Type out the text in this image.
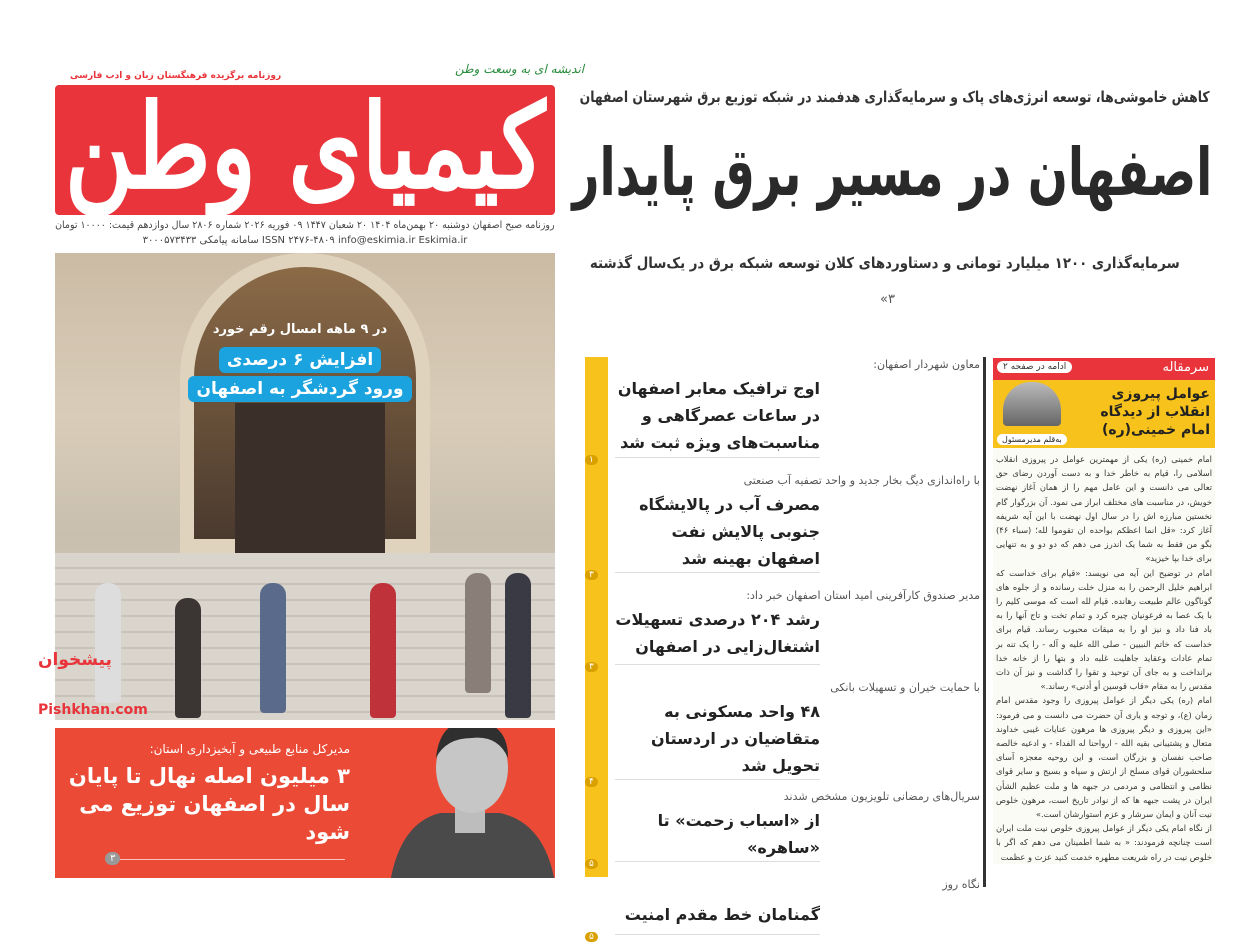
اندیشه ای به وسعت وطن
روزنامه برگزیده فرهنگستان زبان و ادب فارسی
کیمیای وطن
روزنامه صبح اصفهان دوشنبه ۲۰ بهمن‌ماه ۱۴۰۴ ۲۰ شعبان ۱۴۴۷ ۰۹ فوریه ۲۰۲۶ شماره ۲۸۰۶ سال دوازدهم قیمت: ۱۰۰۰۰ تومان
ISSN ۲۴۷۶-۴۸۰۹ info@eskimia.ir Eskimia.ir سامانه پیامکی ۳۰۰۰۵۷۳۴۳۳
در ۹ ماهه امسال رقم خورد
افزایش ۶ درصدی
ورود گردشگر به اصفهان
پیشخوان
Pishkhan.com
مدیرکل منابع طبیعی و آبخیزداری استان:
۳ میلیون اصله نهال تا پایان سال در اصفهان توزیع می شود
۳
کاهش خاموشی‌ها، توسعه انرژی‌های پاک و سرمایه‌گذاری هدفمند در شبکه توزیع برق شهرستان اصفهان
اصفهان در مسیر برق پایدار
سرمایه‌گذاری ۱۲۰۰ میلیارد تومانی و دستاوردهای کلان توسعه شبکه برق در یک‌سال گذشته
«۳
معاون شهردار اصفهان:
اوج ترافیک معابر اصفهان در ساعات عصرگاهی و مناسبت‌های ویژه ثبت شد
۱
با راه‌اندازی دیگ بخار جدید و واحد تصفیه آب صنعتی
مصرف آب در پالایشگاه جنوبی پالایش نفت اصفهان بهینه شد
۳
مدیر صندوق کارآفرینی امید استان اصفهان خبر داد:
رشد ۲۰۴ درصدی تسهیلات اشتغال‌زایی در اصفهان
۳
با حمایت خیران و تسهیلات بانکی
۴۸ واحد مسکونی به متقاضیان در اردستان تحویل شد
۴
سریال‌های رمضانی تلویزیون مشخص شدند
از «اسباب زحمت» تا «ساهره»
۵
نگاه روز
گمنامان خط مقدم امنیت
۵
سرمقاله
ادامه در صفحه ۲
عوامل پیروزی انقلاب از دیدگاه امام خمینی(ره)
به‌قلم مدیرمسئول

امام خمینی (ره) یکی از مهمترین عوامل در پیروزی انقلاب اسلامی را، قیام به خاطر خدا و به دست آوردن رضای حق تعالی می دانست و این عامل مهم را از همان آغاز نهضت خویش، در مناسبت های مختلف ابراز می نمود. آن بزرگوار گام نخستین مبارزه اش را در سال اول نهضت با این آیه شریفه آغاز کرد: «قل انما اعظکم بواحده ان تقوموا لله؛ (سباء ۴۶) بگو من فقط به شما یک اندرز می دهم که دو دو و به تنهایی برای خدا بپا خیزید»

امام در توضیح این آیه می نویسد: «قیام برای خداست که ابراهیم خلیل الرحمن را به منزل خلت رسانده و از جلوه های گوناگون عالم طبیعت رهانده. قیام لله است که موسی کلیم را با یک عصا به فرعونیان چیره کرد و تمام تخت و تاج آنها را به باد فنا داد و نیز او را به میقات محبوب رساند. قیام برای خداست که خاتم النبیین - صلی الله علیه و آله - را یک تنه بر تمام عادات وعقاید جاهلیت غلبه داد و بتها را از خانه خدا برانداخت و به جای آن توحید و تقوا را گذاشت و نیز آن ذات مقدس را به مقام «قاب قوسین أو أدنی» رساند.»

امام (ره) یکی دیگر از عوامل پیروزی را وجود مقدس امام زمان (ع)، و توجه و یاری آن حضرت می دانست و می فرمود: «این پیروزی و دیگر پیروزی ها مرهون عنایات غیبی خداوند متعال و پشتیبانی بقیه الله - ارواحنا له الفداء - و ادعیه خالصه صاحب نفسان و بزرگان است، و این روحیه معجزه آسای سلحشوران قوای مسلح از ارتش و سپاه و بسیج و سایر قوای نظامی و انتظامی و مردمی در جبهه ها و ملت عظیم الشأن ایران در پشت جبهه ها که از نوادر تاریخ است، مرهون خلوص نیت آنان و ایمان سرشار و عزم استوارشان است.»

از نگاه امام یکی دیگر از عوامل پیروزی خلوص نیت ملت ایران است چنانچه فرمودند: « به شما اطمینان می دهم که اگر با خلوص نیت در راه شریعت مطهره خدمت کنید عزت و عظمت
